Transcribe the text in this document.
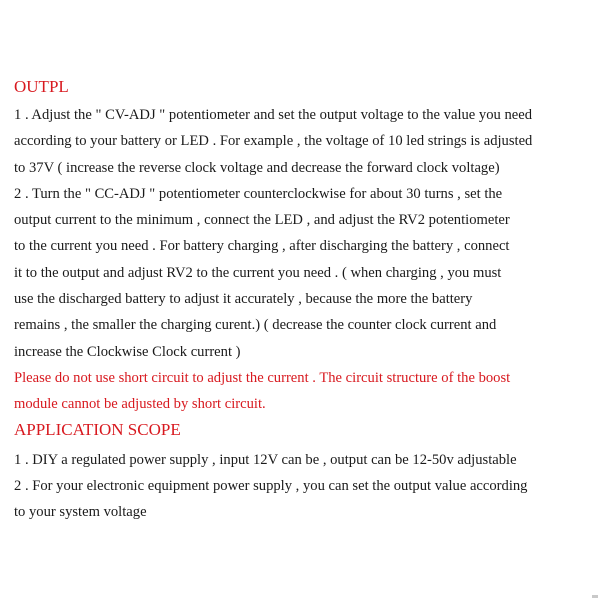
OUTPL

1 . Adjust the " CV-ADJ " potentiometer and set the output voltage to the value you need
according to your battery or LED . For example , the voltage of 10 led strings is adjusted
to 37V ( increase the reverse clock voltage and decrease the forward clock voltage)

2 . Turn the " CC-ADJ " potentiometer counterclockwise for about 30 turns , set the
output current to the minimum , connect the LED , and adjust the RV2 potentiometer
to the current you need . For battery charging , after discharging the battery , connect
it to the output and adjust RV2 to the current you need . ( when charging , you must
use the discharged battery to adjust it accurately , because the more the battery
remains , the smaller the charging curent.) ( decrease the counter clock current and
increase the Clockwise Clock current )

Please do not use short circuit to adjust the current . The circuit structure of the boost
module cannot be adjusted by short circuit.

APPLICATION SCOPE

1 . DIY a regulated power supply , input 12V can be , output can be 12-50v adjustable

2 . For your electronic equipment power supply , you can set the output value according
to your system voltage
